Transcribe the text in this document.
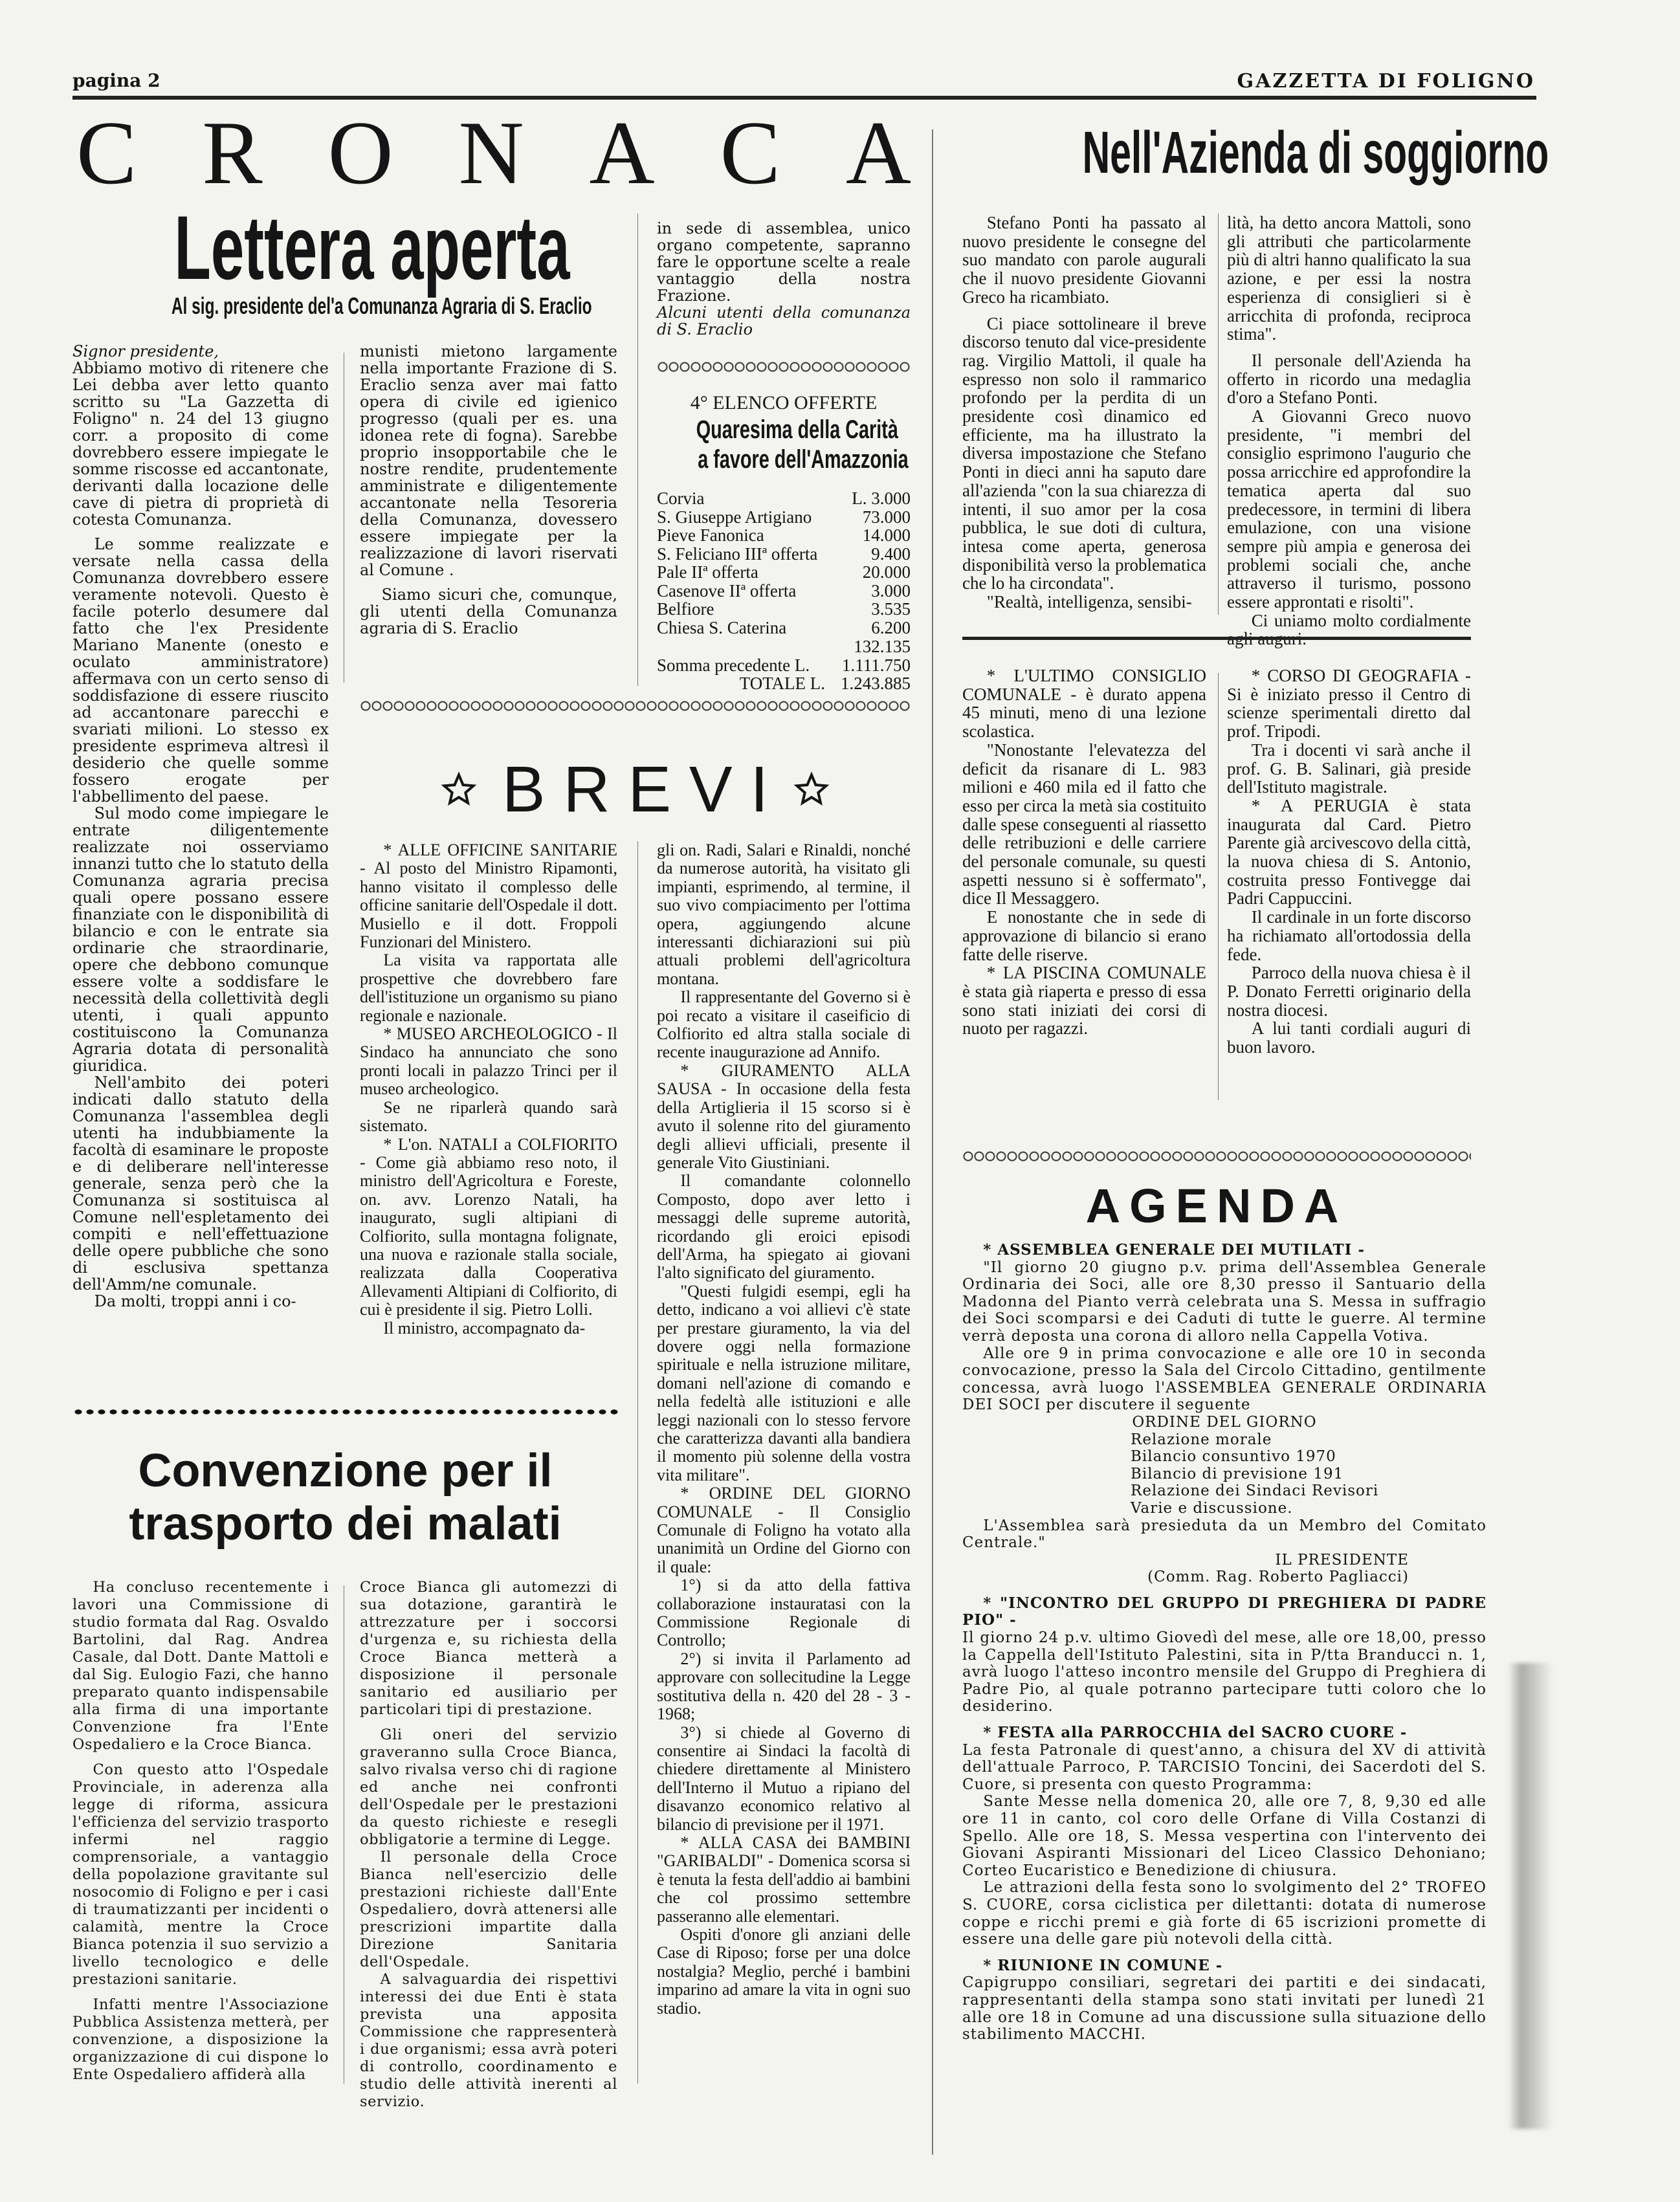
pagina 2	GAZZETTA DI FOLIGNO
C R O N A C A
Lettera aperta
Al sig. presidente del'a Comunanza Agraria di S. Eraclio

Signor presidente,

Abbiamo motivo di ritenere che Lei debba aver letto quanto scritto su "La Gazzetta di Foligno" n. 24 del 13 giugno corr. a proposito di come dovrebbero essere impiegate le somme riscosse ed accantonate, derivanti dalla locazione delle cave di pietra di proprietà di cotesta Comunanza.

Le somme realizzate e versate nella cassa della Comunanza dovrebbero essere veramente notevoli. Questo è facile poterlo desumere dal fatto che l'ex Presidente Mariano Manente (onesto e oculato amministratore) affermava con un certo senso di soddisfazione di essere riuscito ad accantonare parecchi e svariati milioni. Lo stesso ex presidente esprimeva altresì il desiderio che quelle somme fossero erogate per l'abbellimento del paese.

Sul modo come impiegare le entrate diligentemente realizzate noi osserviamo innanzi tutto che lo statuto della Comunanza agraria precisa quali opere possano essere finanziate con le disponibilità di bilancio e con le entrate sia ordinarie che straordinarie, opere che debbono comunque essere volte a soddisfare le necessità della collettività degli utenti, i quali appunto costituiscono la Comunanza Agraria dotata di personalità giuridica.

Nell'ambito dei poteri indicati dallo statuto della Comunanza l'assemblea degli utenti ha indubbiamente la facoltà di esaminare le proposte e di deliberare nell'interesse generale, senza però che la Comunanza si sostituisca al Comune nell'espletamento dei compiti e nell'effettuazione delle opere pubbliche che sono di esclusiva spettanza dell'Amm/ne comunale.

Da molti, troppi anni i co-

munisti mietono largamente nella importante Frazione di S. Eraclio senza aver mai fatto opera di civile ed igienico progresso (quali per es. una idonea rete di fogna). Sarebbe proprio insopportabile che le nostre rendite, prudentemente amministrate e diligentemente accantonate nella Tesoreria della Comunanza, dovessero essere impiegate per la realizzazione di lavori riservati al Comune .

Siamo sicuri che, comunque, gli utenti della Comunanza agraria di S. Eraclio

in sede di assemblea, unico organo competente, sapranno fare le opportune scelte a reale vantaggio della nostra Frazione.

Alcuni utenti della comunanza di S. Eraclio

4° ELENCO OFFERTE
Quaresima della Carità
a favore dell'Amazzonia
Corvia	L. 3.000
S. Giuseppe Artigiano	73.000
Pieve Fanonica	14.000
S. Feliciano IIIª offerta	9.400
Pale IIª offerta	20.000
Casenove IIª offerta	3.000
Belfiore	3.535
Chiesa S. Caterina	6.200
132.135
Somma precedente L. 1.111.750
TOTALE L. 1.243.885
B R E V I

* ALLE OFFICINE SANITARIE - Al posto del Ministro Ripamonti, hanno visitato il complesso delle officine sanitarie dell'Ospedale il dott. Musiello e il dott. Froppoli Funzionari del Ministero.

La visita va rapportata alle prospettive che dovrebbero fare dell'istituzione un organismo su piano regionale e nazionale.

* MUSEO ARCHEOLOGICO - Il Sindaco ha annunciato che sono pronti locali in palazzo Trinci per il museo archeologico.

Se ne riparlerà quando sarà sistemato.

* L'on. NATALI a COLFIORITO - Come già abbiamo reso noto, il ministro dell'Agricoltura e Foreste, on. avv. Lorenzo Natali, ha inaugurato, sugli altipiani di Colfiorito, sulla montagna folignate, una nuova e razionale stalla sociale, realizzata dalla Cooperativa Allevamenti Altipiani di Colfiorito, di cui è presidente il sig. Pietro Lolli.

Il ministro, accompagnato da-

gli on. Radi, Salari e Rinaldi, nonché da numerose autorità, ha visitato gli impianti, esprimendo, al termine, il suo vivo compiacimento per l'ottima opera, aggiungendo alcune interessanti dichiarazioni sui più attuali problemi dell'agricoltura montana.

Il rappresentante del Governo si è poi recato a visitare il caseificio di Colfiorito ed altra stalla sociale di recente inaugurazione ad Annifo.

* GIURAMENTO ALLA SAUSA - In occasione della festa della Artiglieria il 15 scorso si è avuto il solenne rito del giuramento degli allievi ufficiali, presente il generale Vito Giustiniani.

Il comandante colonnello Composto, dopo aver letto i messaggi delle supreme autorità, ricordando gli eroici episodi dell'Arma, ha spiegato ai giovani l'alto significato del giuramento.

"Questi fulgidi esempi, egli ha detto, indicano a voi allievi c'è state per prestare giuramento, la via del dovere oggi nella formazione spirituale e nella istruzione militare, domani nell'azione di comando e nella fedeltà alle istituzioni e alle leggi nazionali con lo stesso fervore che caratterizza davanti alla bandiera il momento più solenne della vostra vita militare".

* ORDINE DEL GIORNO COMUNALE - Il Consiglio Comunale di Foligno ha votato alla unanimità un Ordine del Giorno con il quale:

1°) si da atto della fattiva collaborazione instauratasi con la Commissione Regionale di Controllo;

2°) si invita il Parlamento ad approvare con sollecitudine la Legge sostitutiva della n. 420 del 28 - 3 - 1968;

3°) si chiede al Governo di consentire ai Sindaci la facoltà di chiedere direttamente al Ministero dell'Interno il Mutuo a ripiano del disavanzo economico relativo al bilancio di previsione per il 1971.

* ALLA CASA dei BAMBINI "GARIBALDI" - Domenica scorsa si è tenuta la festa dell'addio ai bambini che col prossimo settembre passeranno alle elementari.

Ospiti d'onore gli anziani delle Case di Riposo; forse per una dolce nostalgia? Meglio, perché i bambini imparino ad amare la vita in ogni suo stadio.

Convenzione per il
trasporto dei malati

Ha concluso recentemente i lavori una Commissione di studio formata dal Rag. Osvaldo Bartolini, dal Rag. Andrea Casale, dal Dott. Dante Mattoli e dal Sig. Eulogio Fazi, che hanno preparato quanto indispensabile alla firma di una importante Convenzione fra l'Ente Ospedaliero e la Croce Bianca.

Con questo atto l'Ospedale Provinciale, in aderenza alla legge di riforma, assicura l'efficienza del servizio trasporto infermi nel raggio comprensoriale, a vantaggio della popolazione gravitante sul nosocomio di Foligno e per i casi di traumatizzanti per incidenti o calamità, mentre la Croce Bianca potenzia il suo servizio a livello tecnologico e delle prestazioni sanitarie.

Infatti mentre l'Associazione Pubblica Assistenza metterà, per convenzione, a disposizione la organizzazione di cui dispone lo Ente Ospedaliero affiderà alla

Croce Bianca gli automezzi di sua dotazione, garantirà le attrezzature per i soccorsi d'urgenza e, su richiesta della Croce Bianca metterà a disposizione il personale sanitario ed ausiliario per particolari tipi di prestazione.

Gli oneri del servizio graveranno sulla Croce Bianca, salvo rivalsa verso chi di ragione ed anche nei confronti dell'Ospedale per le prestazioni da questo richieste e resegli obbligatorie a termine di Legge.

Il personale della Croce Bianca nell'esercizio delle prestazioni richieste dall'Ente Ospedaliero, dovrà attenersi alle prescrizioni impartite dalla Direzione Sanitaria dell'Ospedale.

A salvaguardia dei rispettivi interessi dei due Enti è stata prevista una apposita Commissione che rappresenterà i due organismi; essa avrà poteri di controllo, coordinamento e studio delle attività inerenti al servizio.

Nell'Azienda di soggiorno

Stefano Ponti ha passato al nuovo presidente le consegne del suo mandato con parole augurali che il nuovo presidente Giovanni Greco ha ricambiato.

Ci piace sottolineare il breve discorso tenuto dal vice-presidente rag. Virgilio Mattoli, il quale ha espresso non solo il rammarico profondo per la perdita di un presidente così dinamico ed efficiente, ma ha illustrato la diversa impostazione che Stefano Ponti in dieci anni ha saputo dare all'azienda "con la sua chiarezza di intenti, il suo amor per la cosa pubblica, le sue doti di cultura, intesa come aperta, generosa disponibilità verso la problematica che lo ha circondata".

"Realtà, intelligenza, sensibi-

lità, ha detto ancora Mattoli, sono gli attributi che particolarmente più di altri hanno qualificato la sua azione, e per essi la nostra esperienza di consiglieri si è arricchita di profonda, reciproca stima".

Il personale dell'Azienda ha offerto in ricordo una medaglia d'oro a Stefano Ponti.

A Giovanni Greco nuovo presidente, "i membri del consiglio esprimono l'augurio che possa arricchire ed approfondire la tematica aperta dal suo predecessore, in termini di libera emulazione, con una visione sempre più ampia e generosa dei problemi sociali che, anche attraverso il turismo, possono essere approntati e risolti".

Ci uniamo molto cordialmente

* L'ULTIMO CONSIGLIO COMUNALE - è durato appena 45 minuti, meno di una lezione scolastica.

"Nonostante l'elevatezza del deficit da risanare di L. 983 milioni e 460 mila ed il fatto che esso per circa la metà sia costituito dalle spese conseguenti al riassetto delle retribuzioni e delle carriere del personale comunale, su questi aspetti nessuno si è soffermato", dice Il Messaggero.

E nonostante che in sede di approvazione di bilancio si erano fatte delle riserve.

* LA PISCINA COMUNALE è stata già riaperta e presso di essa sono stati iniziati dei corsi di nuoto per ragazzi.

* CORSO DI GEOGRAFIA - Si è iniziato presso il Centro di scienze sperimentali diretto dal prof. Tripodi.

Tra i docenti vi sarà anche il prof. G. B. Salinari, già preside dell'Istituto magistrale.

* A PERUGIA è stata inaugurata dal Card. Pietro Parente già arcivescovo della città, la nuova chiesa di S. Antonio, costruita presso Fontivegge dai Padri Cappuccini.

Il cardinale in un forte discorso ha richiamato all'ortodossia della fede.

Parroco della nuova chiesa è il P. Donato Ferretti originario della nostra diocesi.

A lui tanti cordiali auguri di buon lavoro.

AGENDA

* ASSEMBLEA GENERALE DEI MUTILATI -

"Il giorno 20 giugno p.v. prima dell'Assemblea Generale Ordinaria dei Soci, alle ore 8,30 presso il Santuario della Madonna del Pianto verrà celebrata una S. Messa in suffragio dei Soci scomparsi e dei Caduti di tutte le guerre. Al termine verrà deposta una corona di alloro nella Cappella Votiva.

Alle ore 9 in prima convocazione e alle ore 10 in seconda convocazione, presso la Sala del Circolo Cittadino, gentilmente concessa, avrà luogo l'ASSEMBLEA GENERALE ORDINARIA DEI SOCI per discutere il seguente

ORDINE DEL GIORNO

Relazione morale

Bilancio consuntivo 1970

Bilancio di previsione 191

Relazione dei Sindaci Revisori

Varie e discussione.

L'Assemblea sarà presieduta da un Membro del Comitato Centrale."

IL PRESIDENTE

(Comm. Rag. Roberto Pagliacci)

* "INCONTRO DEL GRUPPO DI PREGHIERA DI PADRE PIO" -

Il giorno 24 p.v. ultimo Giovedì del mese, alle ore 18,00, presso la Cappella dell'Istituto Palestini, sita in P/tta Branducci n. 1, avrà luogo l'atteso incontro mensile del Gruppo di Preghiera di Padre Pio, al quale potranno partecipare tutti coloro che lo desiderino.

* FESTA alla PARROCCHIA del SACRO CUORE -

La festa Patronale di quest'anno, a chisura del XV di attività dell'attuale Parroco, P. TARCISIO Toncini, dei Sacerdoti del S. Cuore, si presenta con questo Programma:

Sante Messe nella domenica 20, alle ore 7, 8, 9,30 ed alle ore 11 in canto, col coro delle Orfane di Villa Costanzi di Spello. Alle ore 18, S. Messa vespertina con l'intervento dei Giovani Aspiranti Missionari del Liceo Classico Dehoniano; Corteo Eucaristico e Benedizione di chiusura.

Le attrazioni della festa sono lo svolgimento del 2° TROFEO S. CUORE, corsa ciclistica per dilettanti: dotata di numerose coppe e ricchi premi e già forte di 65 iscrizioni promette di essere una delle gare più notevoli della città.

* RIUNIONE IN COMUNE -

Capigruppo consiliari, segretari dei partiti e dei sindacati, rappresentanti della stampa sono stati invitati per lunedì 21 alle ore 18 in Comune ad una discussione sulla situazione dello stabilimento MACCHI.
